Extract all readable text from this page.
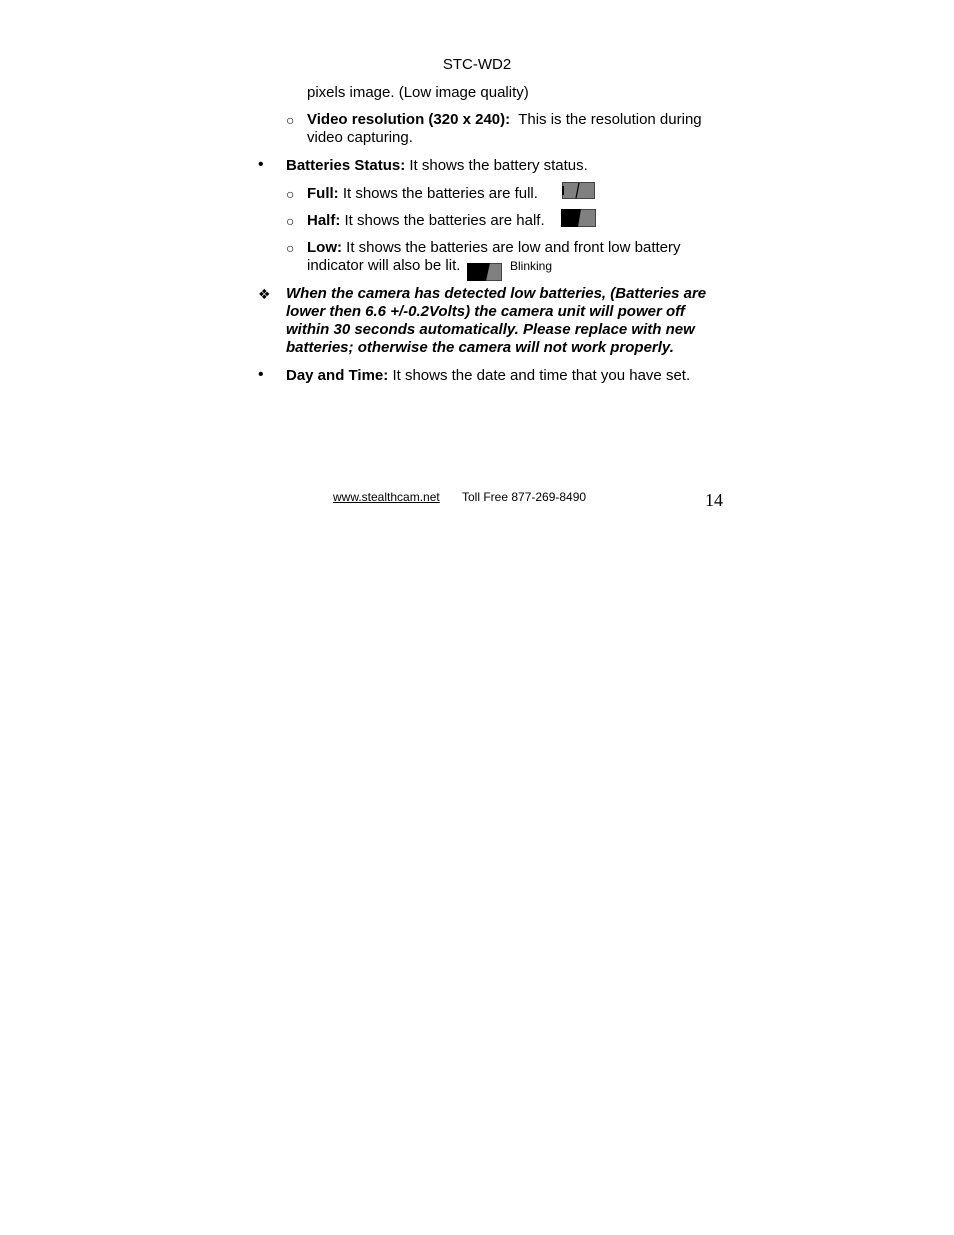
STC-WD2
pixels image. (Low image quality)
○ Video resolution (320 x 240): This is the resolution during
video capturing.
• Batteries Status: It shows the battery status.
○ Full: It shows the batteries are full.
○ Half: It shows the batteries are half.
○ Low: It shows the batteries are low and front low battery
indicator will also be lit.	Blinking
❖ When the camera has detected low batteries, (Batteries are
lower then 6.6 +/-0.2Volts) the camera unit will power off
within 30 seconds automatically. Please replace with new
batteries; otherwise the camera will not work properly.
• Day and Time: It shows the date and time that you have set.
www.stealthcam.net Toll Free 877-269-8490	14
